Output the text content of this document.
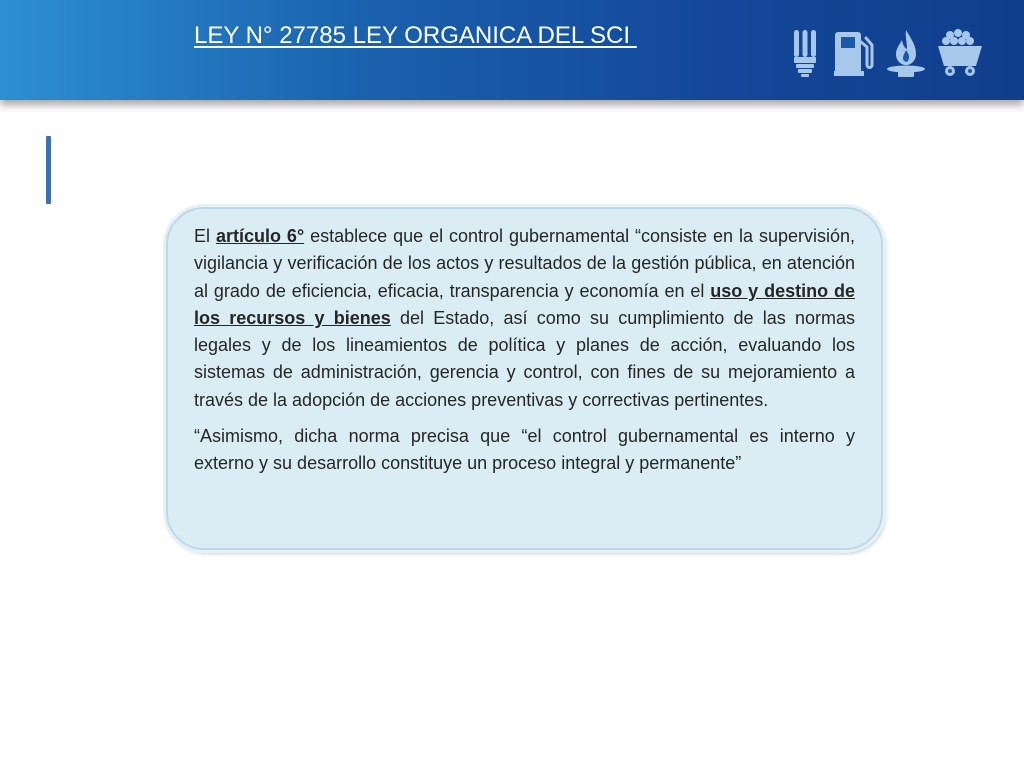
LEY N° 27785 LEY ORGANICA DEL SCI

El artículo 6° establece que el control gubernamental “consiste en la supervisión, vigilancia y verificación de los actos y resultados de la gestión pública, en atención al grado de eficiencia, eficacia, transparencia y economía en el uso y destino de los recursos y bienes del Estado, así como su cumplimiento de las normas legales y de los lineamientos de política y planes de acción, evaluando los sistemas de administración, gerencia y control, con fines de su mejoramiento a través de la adopción de acciones preventivas y correctivas pertinentes.

“Asimismo, dicha norma precisa que “el control gubernamental es interno y externo y su desarrollo constituye un proceso integral y permanente”
